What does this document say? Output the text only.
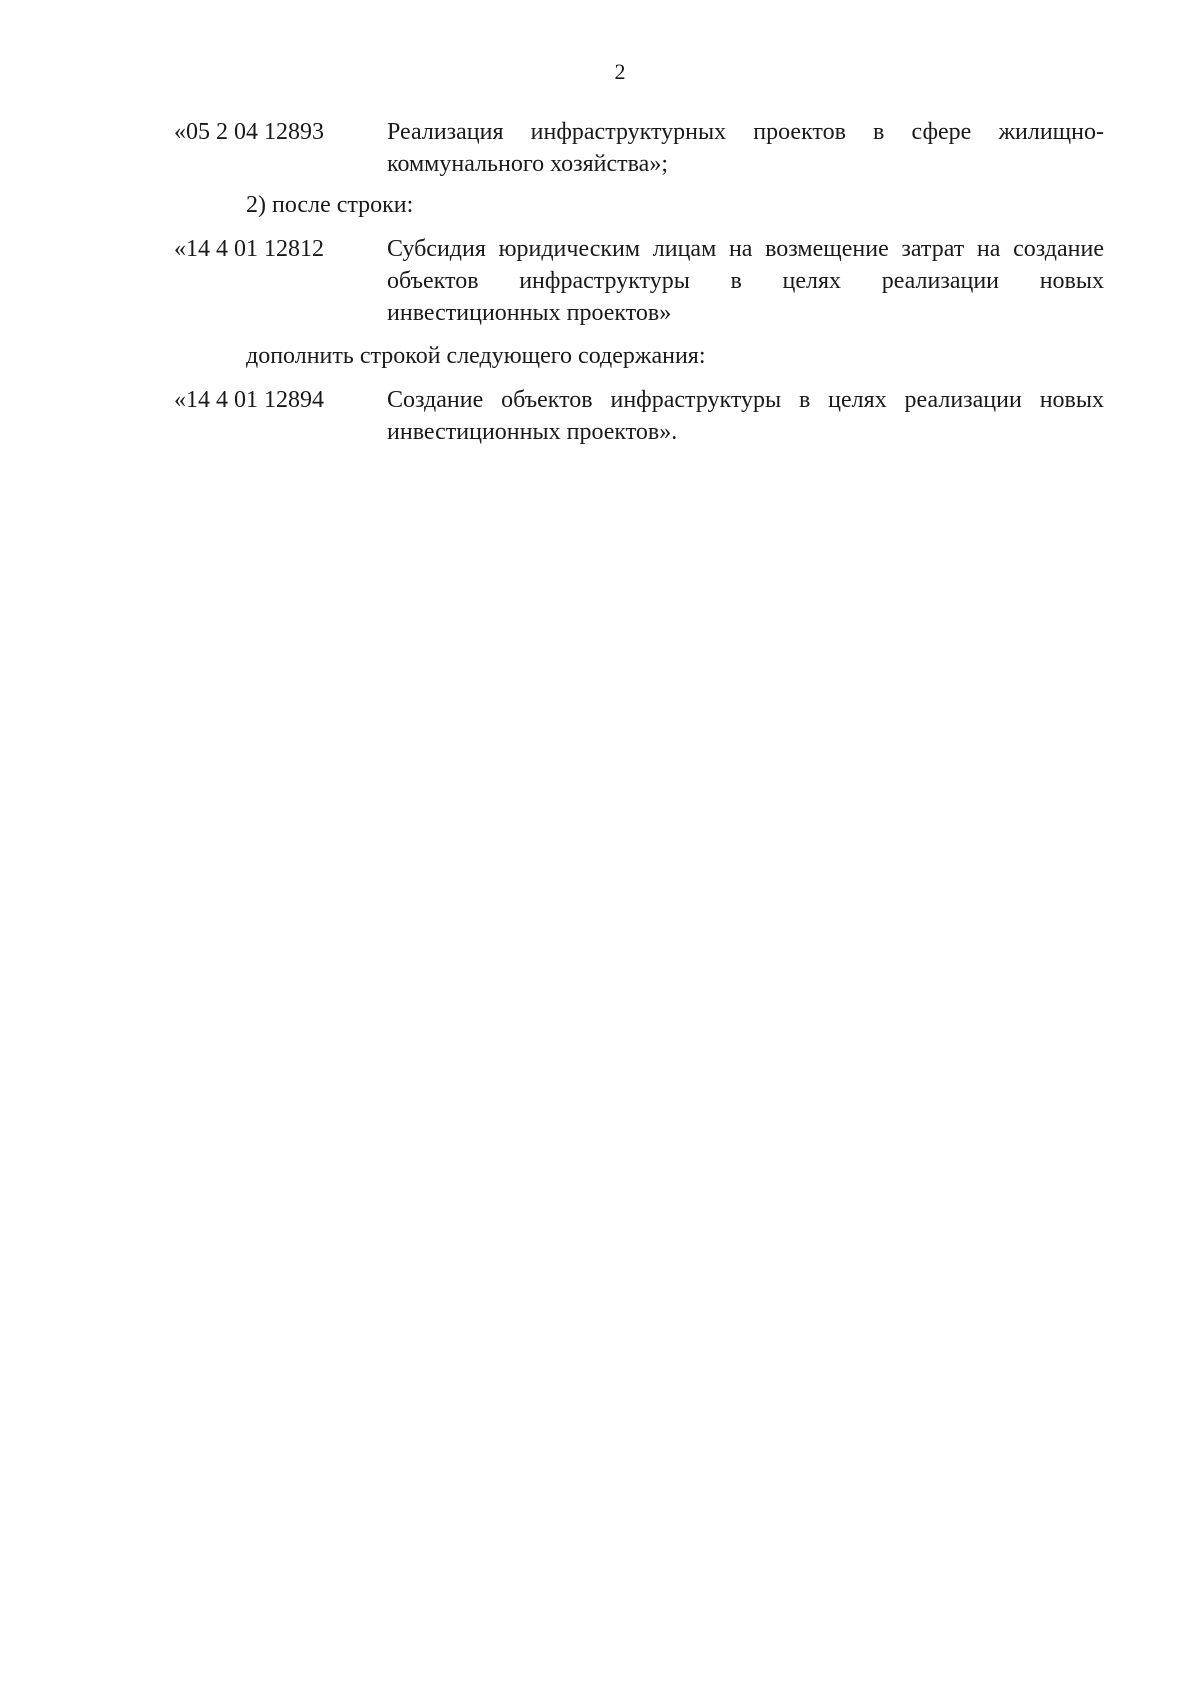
2
«05 2 04 12893	Реализация инфраструктурных проектов в сфере жилищно-коммунального хозяйства»;
2) после строки:
«14 4 01 12812	Субсидия юридическим лицам на возмещение затрат на создание объектов инфраструктуры в целях реализации новых инвестиционных проектов»
дополнить строкой следующего содержания:
«14 4 01 12894	Создание объектов инфраструктуры в целях реализации новых инвестиционных проектов».
